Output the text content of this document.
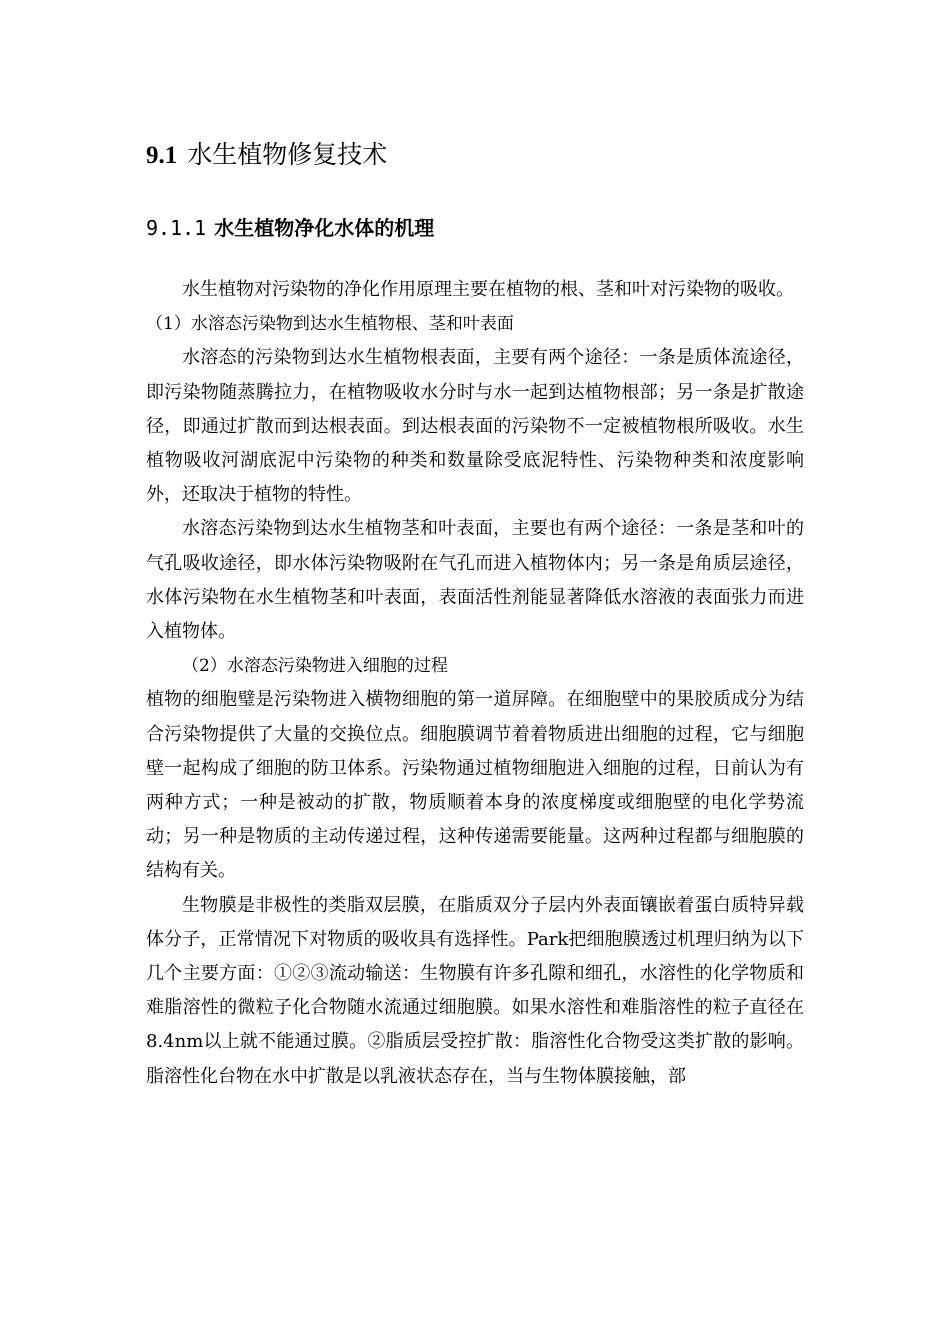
9.1 水生植物修复技术
9.1.1 水生植物净化水体的机理

水生植物对污染物的净化作用原理主要在植物的根、茎和叶对污染物的吸收。

（1）水溶态污染物到达水生植物根、茎和叶表面

水溶态的污染物到达水生植物根表面，主要有两个途径：一条是质体流途径，即污染物随蒸腾拉力，在植物吸收水分时与水一起到达植物根部；另一条是扩散途径，即通过扩散而到达根表面。到达根表面的污染物不一定被植物根所吸收。水生植物吸收河湖底泥中污染物的种类和数量除受底泥特性、污染物种类和浓度影响外，还取决于植物的特性。

水溶态污染物到达水生植物茎和叶表面，主要也有两个途径：一条是茎和叶的气孔吸收途径，即水体污染物吸附在气孔而进入植物体内；另一条是角质层途径，水体污染物在水生植物茎和叶表面，表面活性剂能显著降低水溶液的表面张力而进入植物体。

（2）水溶态污染物进入细胞的过程

植物的细胞璧是污染物进入横物细胞的第一道屏障。在细胞壁中的果胶质成分为结合污染物提供了大量的交换位点。细胞膜调节着着物质进出细胞的过程，它与细胞壁一起构成了细胞的防卫体系。污染物通过植物细胞进入细胞的过程，日前认为有两种方式；一种是被动的扩散，物质顺着本身的浓度梯度或细胞壁的电化学势流动；另一种是物质的主动传递过程，这种传递需要能量。这两种过程都与细胞膜的结构有关。

生物膜是非极性的类脂双层膜，在脂质双分子层内外表面镶嵌着蛋白质特异载体分子，正常情况下对物质的吸收具有选择性。Park把细胞膜透过机理归纳为以下几个主要方面：①②③流动输送：生物膜有许多孔隙和细孔，水溶性的化学物质和难脂溶性的微粒子化合物随水流通过细胞膜。如果水溶性和难脂溶性的粒子直径在8.4nm以上就不能通过膜。②脂质层受控扩散：脂溶性化合物受这类扩散的影响。脂溶性化台物在水中扩散是以乳液状态存在，当与生物体膜接触，部
